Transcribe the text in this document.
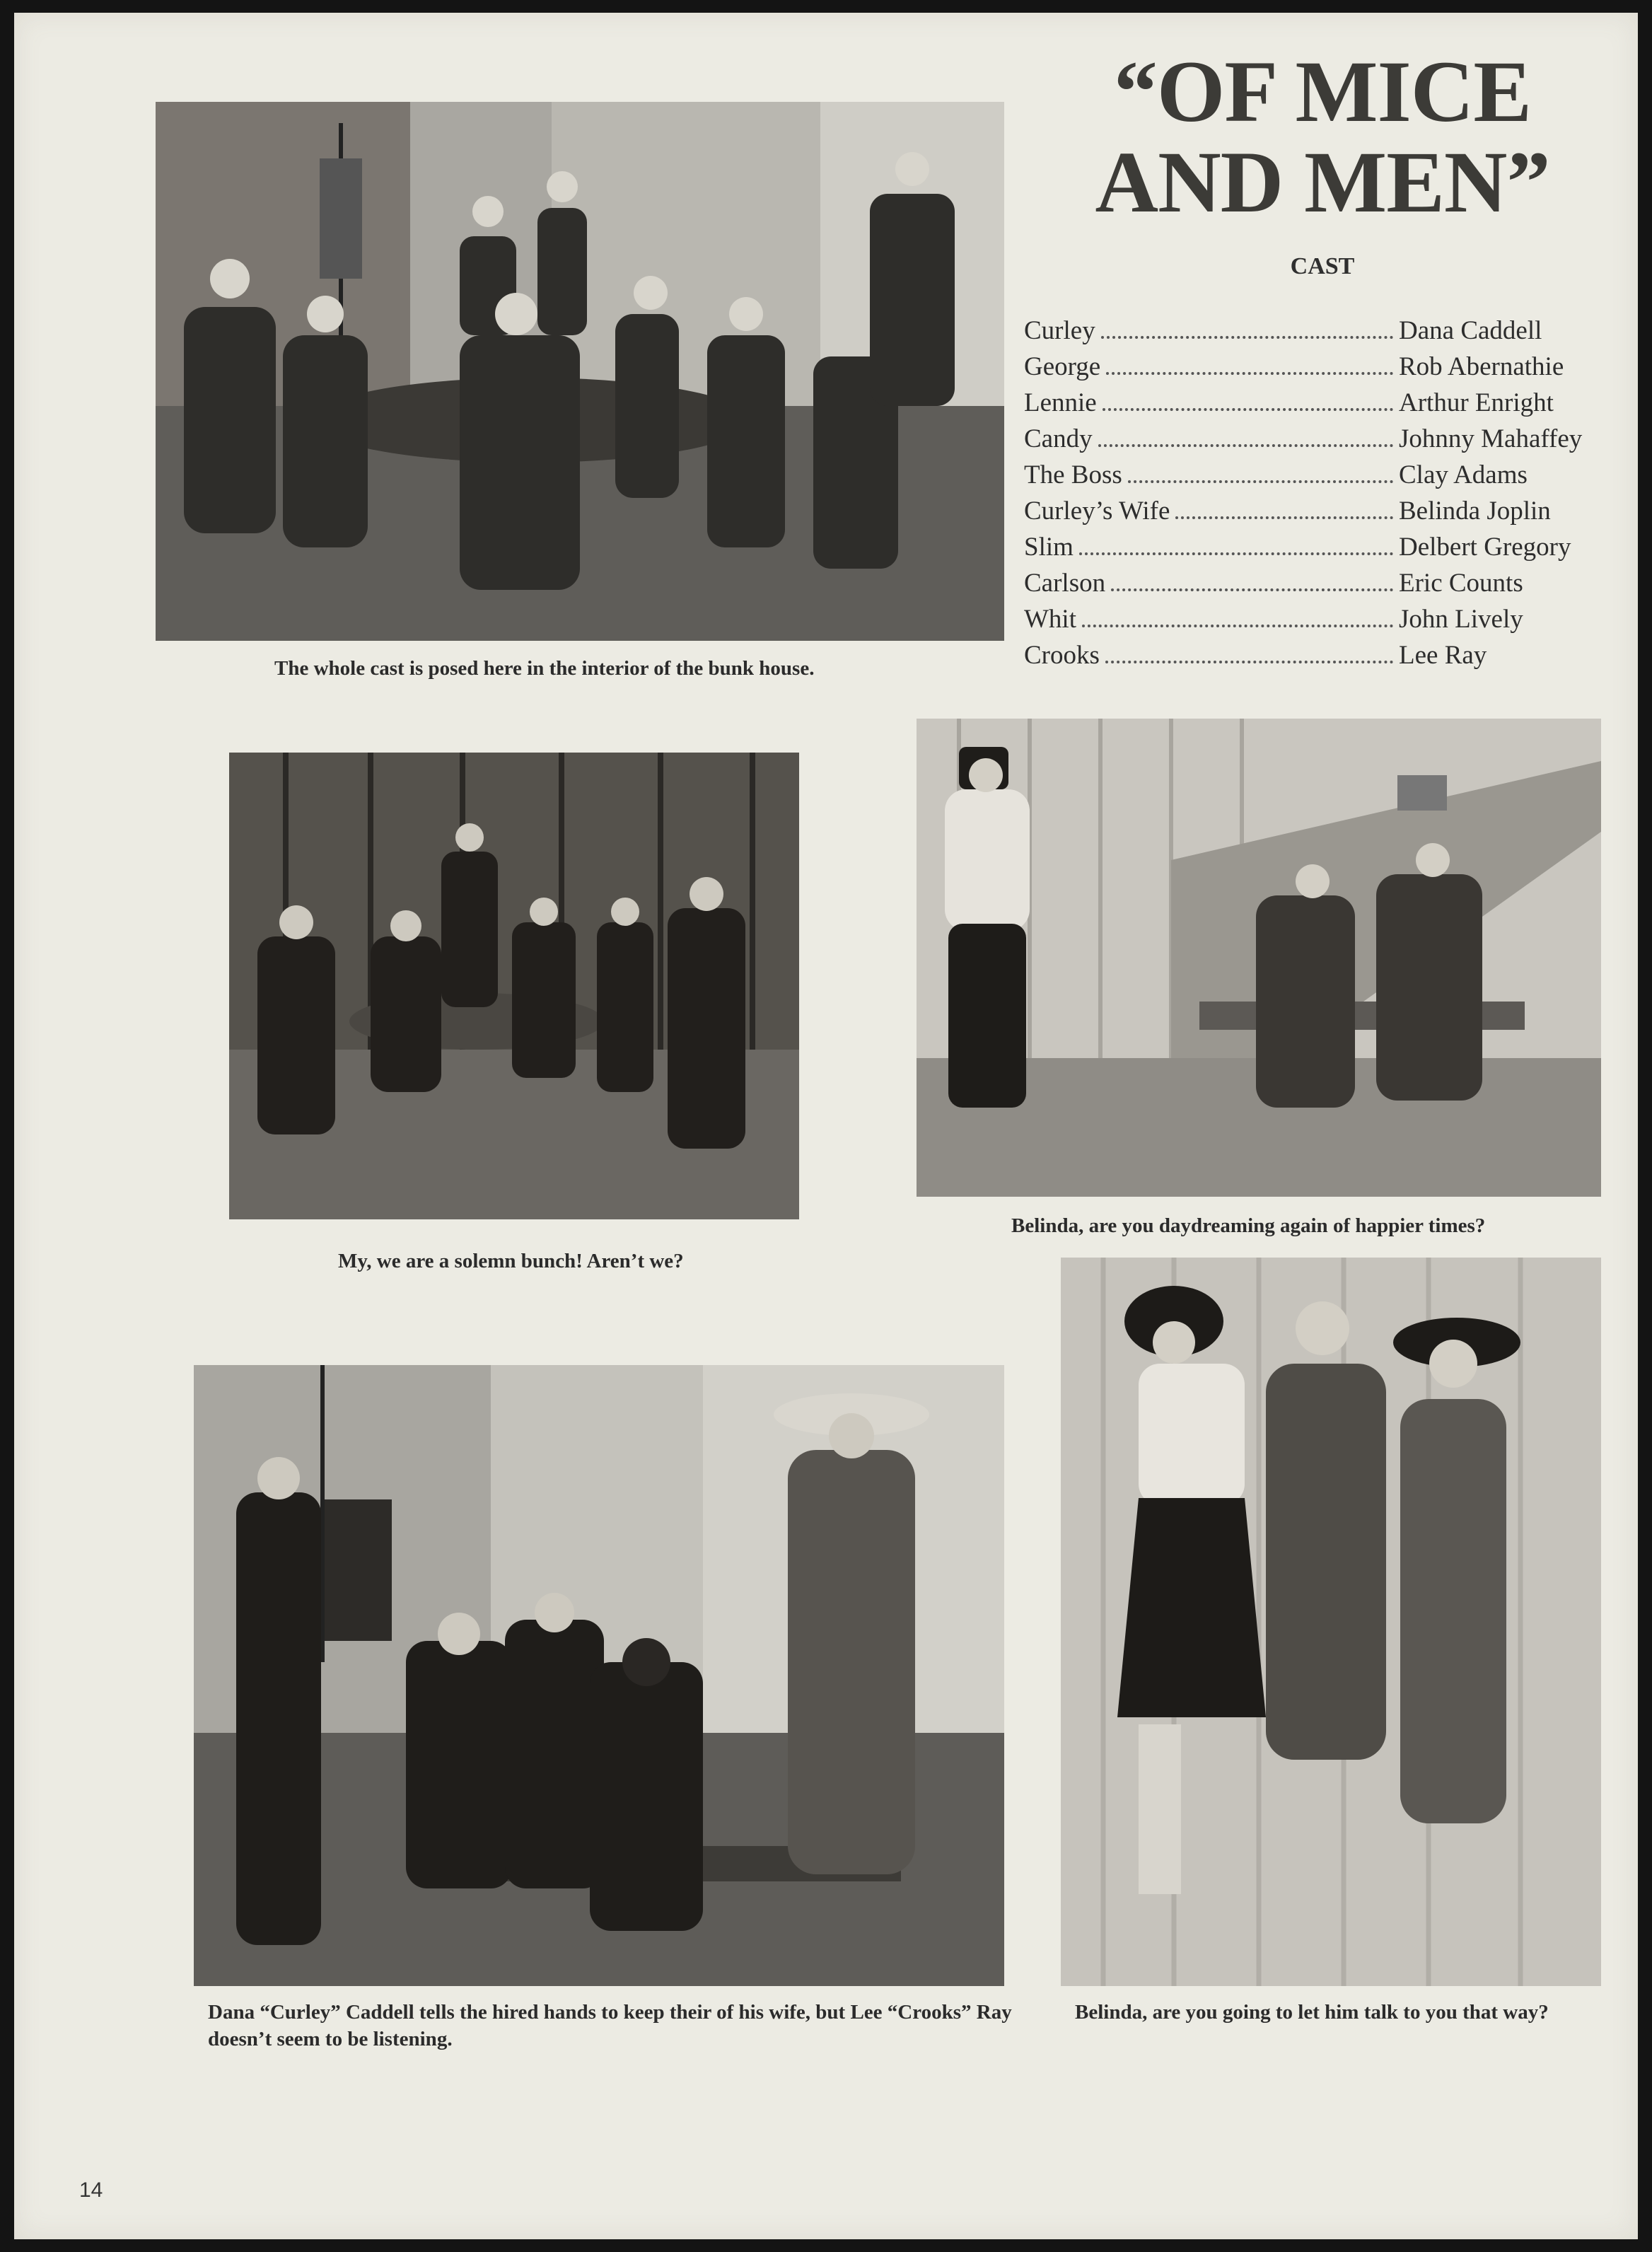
“OF MICE AND MEN”
CAST
Curley	Dana Caddell
George	Rob Abernathie
Lennie	Arthur Enright
Candy	Johnny Mahaffey
The Boss	Clay Adams
Curley’s Wife	Belinda Joplin
Slim	Delbert Gregory
Carlson	Eric Counts
Whit	John Lively
Crooks	Lee Ray

The whole cast is posed here in the interior of the bunk house.

My, we are a solemn bunch! Aren’t we?

Belinda, are you daydreaming again of happier times?

Dana “Curley” Caddell tells the hired hands to keep their of his wife, but Lee “Crooks” Ray doesn’t seem to be listening.

Belinda, are you going to let him talk to you that way?

14
